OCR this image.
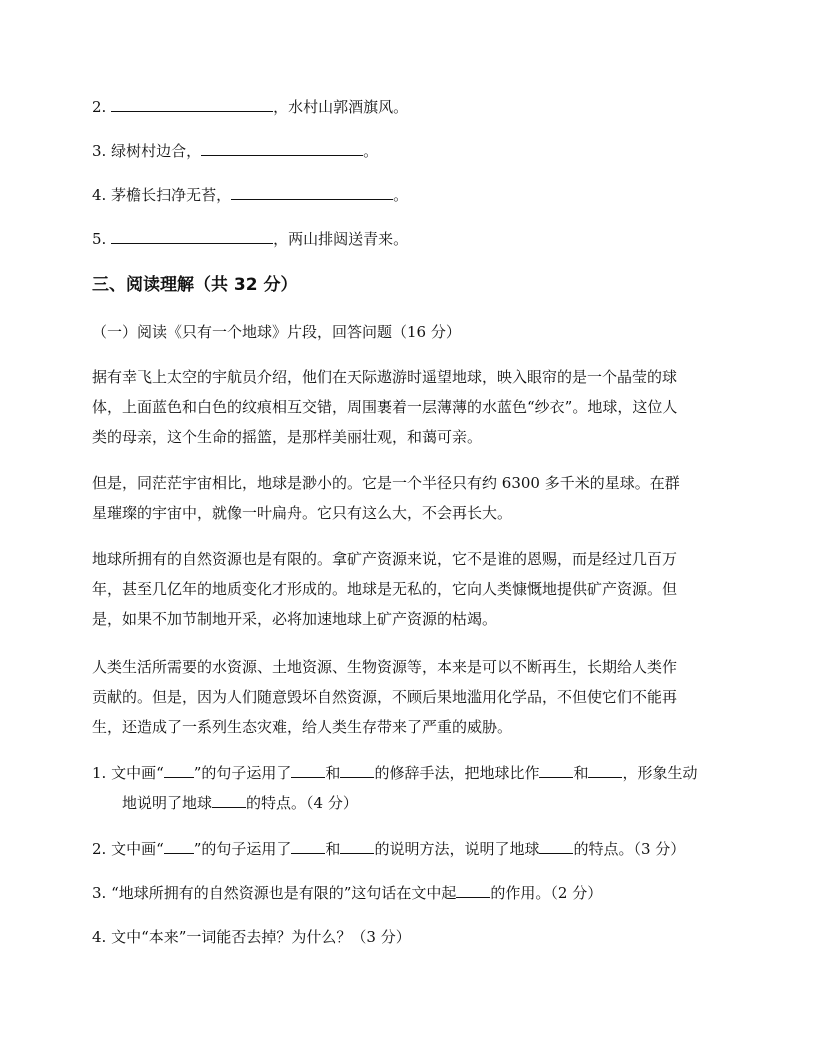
2.	，水村山郭酒旗风。
3. 绿树村边合，	。
4. 茅檐长扫净无苔，	。
5.	，两山排闼送青来。
三、阅读理解（共 32 分）
（一）阅读《只有一个地球》片段，回答问题（16 分）
据有幸飞上太空的宇航员介绍，他们在天际遨游时遥望地球，映入眼帘的是一个晶莹的球
体，上面蓝色和白色的纹痕相互交错，周围裹着一层薄薄的水蓝色“纱衣”。地球，这位人
类的母亲，这个生命的摇篮，是那样美丽壮观，和蔼可亲。
但是，同茫茫宇宙相比，地球是渺小的。它是一个半径只有约 6300 多千米的星球。在群
星璀璨的宇宙中，就像一叶扁舟。它只有这么大，不会再长大。
地球所拥有的自然资源也是有限的。拿矿产资源来说，它不是谁的恩赐，而是经过几百万
年，甚至几亿年的地质变化才形成的。地球是无私的，它向人类慷慨地提供矿产资源。但
是，如果不加节制地开采，必将加速地球上矿产资源的枯竭。
人类生活所需要的水资源、土地资源、生物资源等，本来是可以不断再生，长期给人类作
贡献的。但是，因为人们随意毁坏自然资源，不顾后果地滥用化学品，不但使它们不能再
生，还造成了一系列生态灾难，给人类生存带来了严重的威胁。
1. 文中画“ ”的句子运用了 和 的修辞手法，把地球比作 和 ，形象生动
地说明了地球 的特点。（4 分）
2. 文中画“ ”的句子运用了 和 的说明方法，说明了地球 的特点。（3 分）
3. “地球所拥有的自然资源也是有限的”这句话在文中起 的作用。（2 分）
4. 文中“本来”一词能否去掉？为什么？（3 分）
